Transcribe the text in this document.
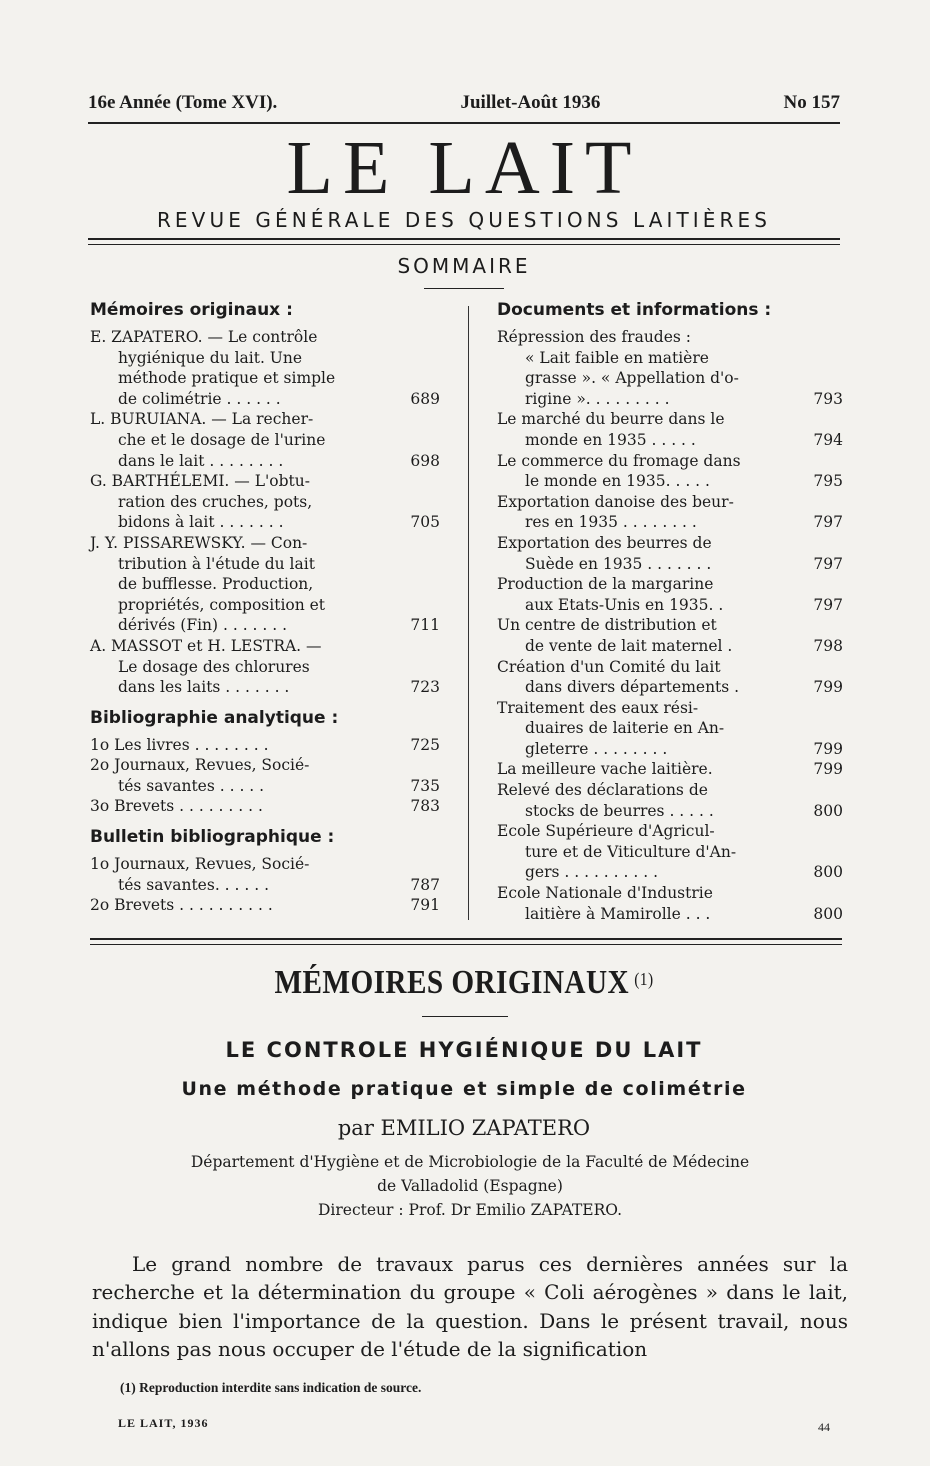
16e Année (Tome XVI).	Juillet-Août 1936	No 157
LE LAIT
REVUE GÉNÉRALE DES QUESTIONS LAITIÈRES
SOMMAIRE
Mémoires originaux :
E. ZAPATERO. — Le contrôle
hygiénique du lait. Une
méthode pratique et simple
de colimétrie . . . . . .	689
L. BURUIANA. — La recher-
che et le dosage de l'urine
dans le lait . . . . . . . .	698
G. BARTHÉLEMI. — L'obtu-
ration des cruches, pots,
bidons à lait . . . . . . .	705
J. Y. PISSAREWSKY. — Con-
tribution à l'étude du lait
de bufflesse. Production,
propriétés, composition et
dérivés (Fin) . . . . . . .	711
A. MASSOT et H. LESTRA. —
Le dosage des chlorures
dans les laits . . . . . . .	723
Bibliographie analytique :
1o Les livres . . . . . . . .	725
2o Journaux, Revues, Socié-
tés savantes . . . . .	735
3o Brevets . . . . . . . . .	783
Bulletin bibliographique :
1o Journaux, Revues, Socié-
tés savantes. . . . . .	787
2o Brevets . . . . . . . . . .	791
Documents et informations :
Répression des fraudes :
« Lait faible en matière
grasse ». « Appellation d'o-
rigine ». . . . . . . . .	793
Le marché du beurre dans le
monde en 1935 . . . . .	794
Le commerce du fromage dans
le monde en 1935. . . . .	795
Exportation danoise des beur-
res en 1935 . . . . . . . .	797
Exportation des beurres de
Suède en 1935 . . . . . . .	797
Production de la margarine
aux Etats-Unis en 1935. .	797
Un centre de distribution et
de vente de lait maternel .	798
Création d'un Comité du lait
dans divers départements .	799
Traitement des eaux rési-
duaires de laiterie en An-
gleterre . . . . . . . .	799
La meilleure vache laitière.	799
Relevé des déclarations de
stocks de beurres . . . . .	800
Ecole Supérieure d'Agricul-
ture et de Viticulture d'An-
gers . . . . . . . . . .	800
Ecole Nationale d'Industrie
laitière à Mamirolle . . .	800
MÉMOIRES ORIGINAUX $^{(1)}$
LE CONTROLE HYGIÉNIQUE DU LAIT
Une méthode pratique et simple de colimétrie
par EMILIO ZAPATERO
Département d'Hygiène et de Microbiologie de la Faculté de Médecine
de Valladolid (Espagne)
Directeur : Prof. Dr Emilio ZAPATERO.

Le grand nombre de travaux parus ces dernières années sur la recherche et la détermination du groupe « Coli aérogènes » dans le lait, indique bien l'importance de la question. Dans le présent travail, nous n'allons pas nous occuper de l'étude de la signification

(1) Reproduction interdite sans indication de source.
LE LAIT, 1936	44
